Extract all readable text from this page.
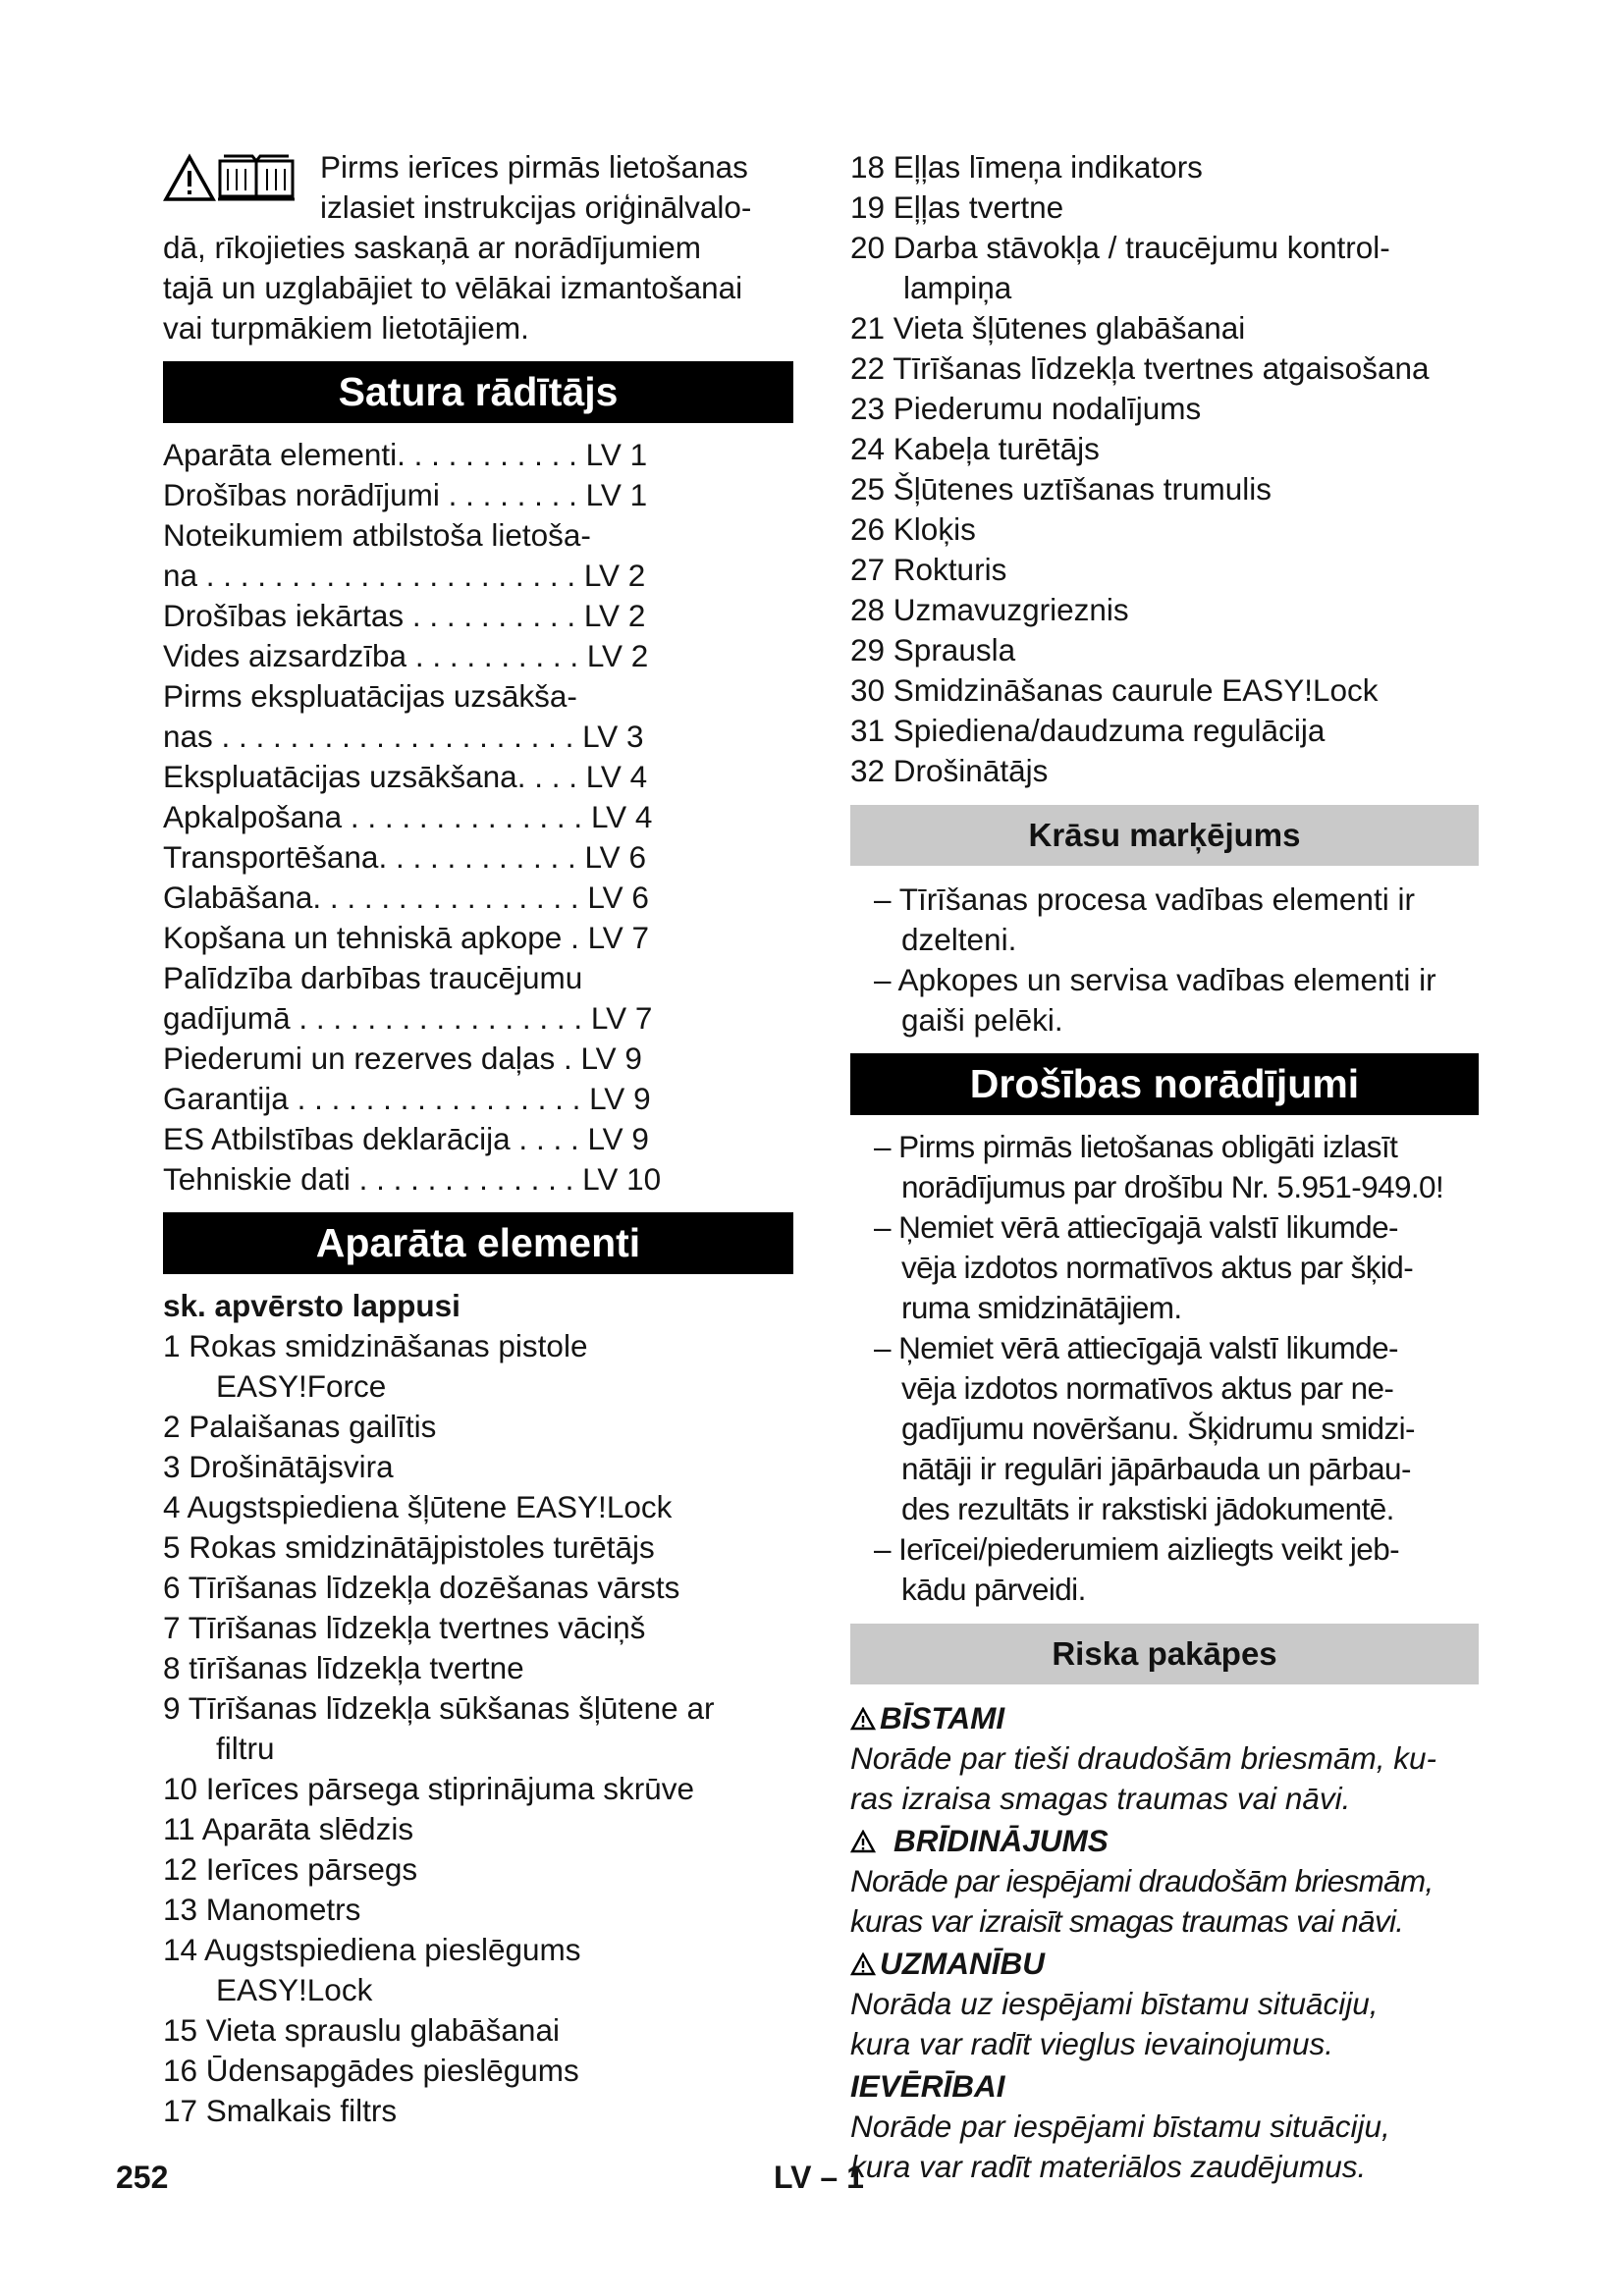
Pirms ierīces pirmās lietošanas
izlasiet instrukcijas oriģinālvalo-
dā, rīkojieties saskaņā ar norādījumiem
tajā un uzglabājiet to vēlākai izmantošanai
vai turpmākiem lietotājiem.
Satura rādītājs
Aparāta elementi. . . . . . . . . . . LV 1
Drošības norādījumi . . . . . . . . LV 1
Noteikumiem atbilstoša lietoša-
na . . . . . . . . . . . . . . . . . . . . . . LV 2
Drošības iekārtas . . . . . . . . . . LV 2
Vides aizsardzība . . . . . . . . . . LV 2
Pirms ekspluatācijas uzsākša-
nas . . . . . . . . . . . . . . . . . . . . . LV 3
Ekspluatācijas uzsākšana. . . . LV 4
Apkalpošana . . . . . . . . . . . . . . LV 4
Transportēšana. . . . . . . . . . . . LV 6
Glabāšana. . . . . . . . . . . . . . . . LV 6
Kopšana un tehniskā apkope . LV 7
Palīdzība darbības traucējumu
gadījumā . . . . . . . . . . . . . . . . . LV 7
Piederumi un rezerves daļas . LV 9
Garantija . . . . . . . . . . . . . . . . . LV 9
ES Atbilstības deklarācija . . . . LV 9
Tehniskie dati . . . . . . . . . . . . . LV 10
Aparāta elementi
sk. apvērsto lappusi
1 Rokas smidzināšanas pistole
EASY!Force
2 Palaišanas gailītis
3 Drošinātājsvira
4 Augstspiediena šļūtene EASY!Lock
5 Rokas smidzinātājpistoles turētājs
6 Tīrīšanas līdzekļa dozēšanas vārsts
7 Tīrīšanas līdzekļa tvertnes vāciņš
8 tīrīšanas līdzekļa tvertne
9 Tīrīšanas līdzekļa sūkšanas šļūtene ar
filtru
10 Ierīces pārsega stiprinājuma skrūve
11 Aparāta slēdzis
12 Ierīces pārsegs
13 Manometrs
14 Augstspiediena pieslēgums
EASY!Lock
15 Vieta sprauslu glabāšanai
16 Ūdensapgādes pieslēgums
17 Smalkais filtrs
18 Eļļas līmeņa indikators
19 Eļļas tvertne
20 Darba stāvokļa / traucējumu kontrol-
lampiņa
21 Vieta šļūtenes glabāšanai
22 Tīrīšanas līdzekļa tvertnes atgaisošana
23 Piederumu nodalījums
24 Kabeļa turētājs
25 Šļūtenes uztīšanas trumulis
26 Kloķis
27 Rokturis
28 Uzmavuzgrieznis
29 Sprausla
30 Smidzināšanas caurule EASY!Lock
31 Spiediena/daudzuma regulācija
32 Drošinātājs
Krāsu marķējums
– Tīrīšanas procesa vadības elementi ir
dzelteni.
– Apkopes un servisa vadības elementi ir
gaiši pelēki.
Drošības norādījumi
– Pirms pirmās lietošanas obligāti izlasīt
norādījumus par drošību Nr. 5.951-949.0!
– Ņemiet vērā attiecīgajā valstī likumde-
vēja izdotos normatīvos aktus par šķid-
ruma smidzinātājiem.
– Ņemiet vērā attiecīgajā valstī likumde-
vēja izdotos normatīvos aktus par ne-
gadījumu novēršanu. Šķidrumu smidzi-
nātāji ir regulāri jāpārbauda un pārbau-
des rezultāts ir rakstiski jādokumentē.
– Ierīcei/piederumiem aizliegts veikt jeb-
kādu pārveidi.
Riska pakāpes
BĪSTAMI
Norāde par tieši draudošām briesmām, ku-
ras izraisa smagas traumas vai nāvi.
BRĪDINĀJUMS
Norāde par iespējami draudošām briesmām,
kuras var izraisīt smagas traumas vai nāvi.
UZMANĪBU
Norāda uz iespējami bīstamu situāciju,
kura var radīt vieglus ievainojumus.
IEVĒRĪBAI
Norāde par iespējami bīstamu situāciju,
kura var radīt materiālos zaudējumus.
252	LV – 1
